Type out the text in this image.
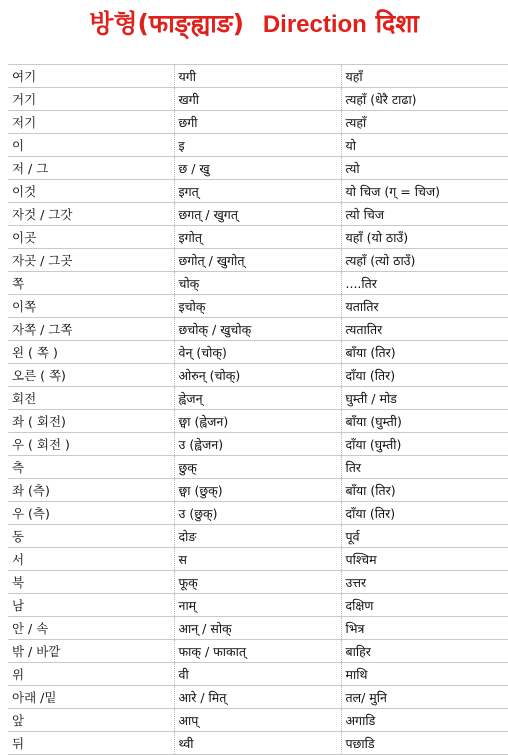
방형(फाङ्ह्याङ) Direction दिशा
여기	यगी	यहाँ
거기	खगी	त्यहाँ (धेरै टाढा)
저기	छगी	त्यहाँ
이	इ	यो
저 / 그	छ / खु	त्यो
이것	इगत्	यो चिज (ग्‌ = चिज)
자것 / 그갓	छगत् / खुगत्	त्यो चिज
이곳	इगोत्	यहाँ (यो ठाउँ)
자곳 / 그곳	छगोत् / खुगोत्	त्यहाँ (त्यो ठाउँ)
쪽	चोक्	....तिर
이쪽	इचोक्	यतातिर
자쪽 / 그쪽	छचोक् / खुचोक्	त्यतातिर
왼 ( 쪽 )	वेन् (चोक्)	बाँया (तिर)
오른 ( 쪽)	ओरुन् (चोक्)	दाँया (तिर)
회전	ह्वेजन्	घुम्ती / मोड
좌 ( 회전)	छ्वा (ह्वेजन)	बाँया (घुम्ती)
우 ( 회전 )	उ (ह्वेजन)	दाँया (घुम्ती)
측	छुक्	तिर
좌 (측)	छ्वा (छुक्)	बाँया (तिर)
우 (측)	उ (छुक्)	दाँया (तिर)
동	दोङ	पूर्व
서	स	पश्चिम
북	फूक्	उत्तर
남	नाम्	दक्षिण
안 / 속	आन् / सोक्	भित्र
밖 / 바깥	फाक् / फाकात्	बाहिर
위	वी	माथि
아래 /밑	आरे / मित्	तल/ मुनि
앞	आप्	अगाडि
뒤	थ्वी	पछाडि
